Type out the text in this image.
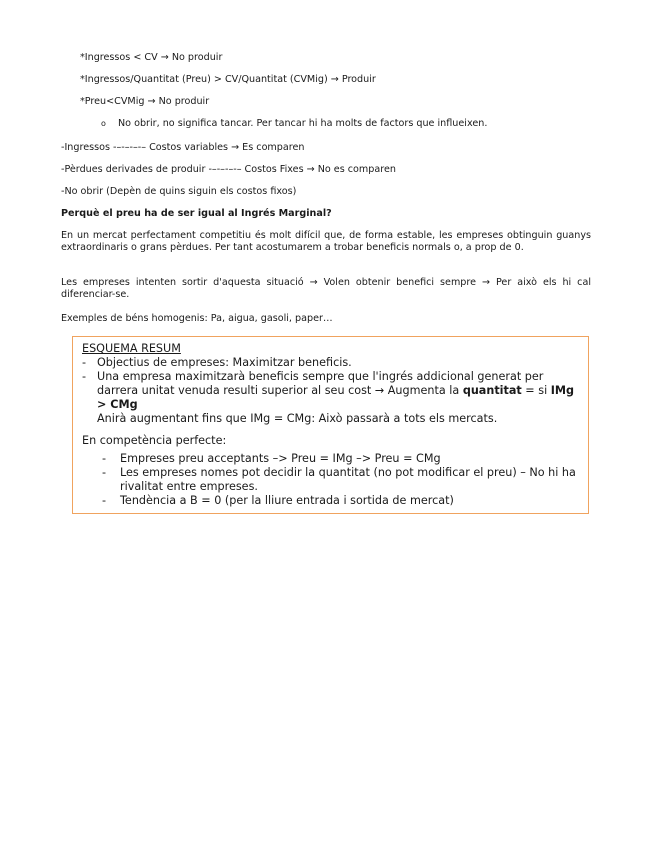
*Ingressos < CV → No produir
*Ingressos/Quantitat (Preu) > CV/Quantitat (CVMig) → Produir
*Preu<CVMig → No produir
o No obrir, no significa tancar. Per tancar hi ha molts de factors que influeixen.
-Ingressos -–-–-–-– Costos variables → Es comparen
-Pèrdues derivades de produir -–-–-–-– Costos Fixes → No es comparen
-No obrir (Depèn de quins siguin els costos fixos)
Perquè el preu ha de ser igual al Ingrés Marginal?
En un mercat perfectament competitiu és molt difícil que, de forma estable, les empreses obtinguin guanys extraordinaris o grans pèrdues. Per tant acostumarem a trobar beneficis normals o, a prop de 0.
Les empreses intenten sortir d'aquesta situació → Volen obtenir benefici sempre → Per això els hi cal diferenciar-se.
Exemples de béns homogenis: Pa, aigua, gasoli, paper…
ESQUEMA RESUM
- Objectius de empreses: Maximitzar beneficis.
- Una empresa maximitzarà beneficis sempre que l'ingrés addicional generat per darrera unitat venuda resulti superior al seu cost → Augmenta la quantitat = si IMg > CMg
Anirà augmentant fins que IMg = CMg: Això passarà a tots els mercats.
En competència perfecte:
- Empreses preu acceptants –> Preu = IMg –> Preu = CMg
- Les empreses nomes pot decidir la quantitat (no pot modificar el preu) – No hi ha rivalitat entre empreses.
- Tendència a B = 0 (per la lliure entrada i sortida de mercat)
